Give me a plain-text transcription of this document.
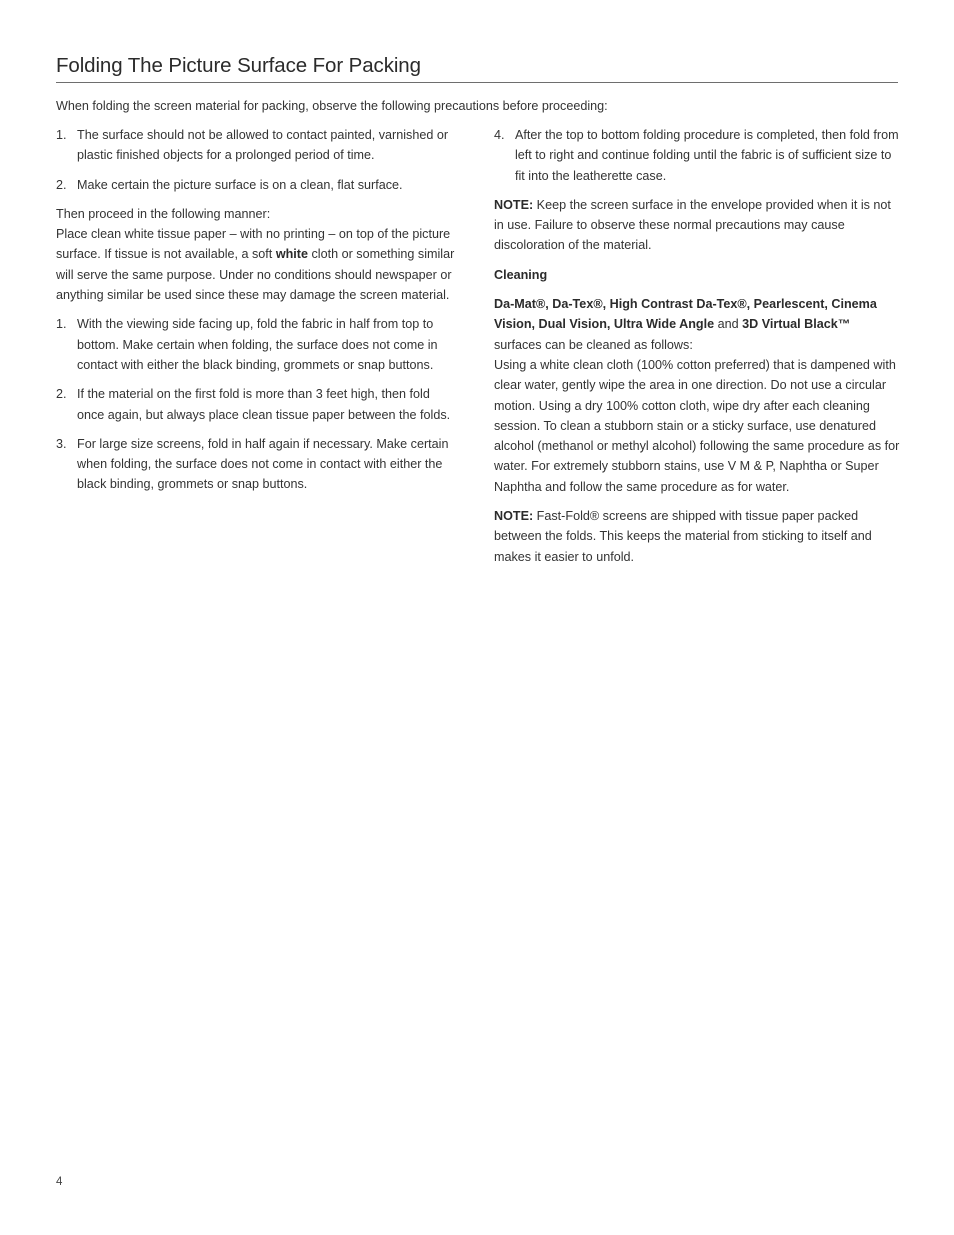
Folding The Picture Surface For Packing

When folding the screen material for packing, observe the following precautions before proceeding:

1. The surface should not be allowed to contact painted, varnished or plastic finished objects for a prolonged period of time.
2. Make certain the picture surface is on a clean, flat surface.

Then proceed in the following manner:
Place clean white tissue paper – with no printing – on top of the picture surface. If tissue is not available, a soft white cloth or something similar will serve the same purpose. Under no conditions should newspaper or anything similar be used since these may damage the screen material.

1. With the viewing side facing up, fold the fabric in half from top to bottom. Make certain when folding, the surface does not come in contact with either the black binding, grommets or snap buttons.
2. If the material on the first fold is more than 3 feet high, then fold once again, but always place clean tissue paper between the folds.
3. For large size screens, fold in half again if necessary. Make certain when folding, the surface does not come in contact with either the black binding, grommets or snap buttons.
4. After the top to bottom folding procedure is completed, then fold from left to right and continue folding until the fabric is of sufficient size to fit into the leatherette case.

NOTE: Keep the screen surface in the envelope provided when it is not in use. Failure to observe these normal precautions may cause discoloration of the material.

Cleaning

Da-Mat®, Da-Tex®, High Contrast Da-Tex®, Pearlescent, Cinema Vision, Dual Vision, Ultra Wide Angle and 3D Virtual Black™ surfaces can be cleaned as follows:
Using a white clean cloth (100% cotton preferred) that is dampened with clear water, gently wipe the area in one direction. Do not use a circular motion. Using a dry 100% cotton cloth, wipe dry after each cleaning session. To clean a stubborn stain or a sticky surface, use denatured alcohol (methanol or methyl alcohol) following the same procedure as for water. For extremely stubborn stains, use V M & P, Naphtha or Super Naphtha and follow the same procedure as for water.

NOTE: Fast-Fold® screens are shipped with tissue paper packed between the folds. This keeps the material from sticking to itself and makes it easier to unfold.

4
